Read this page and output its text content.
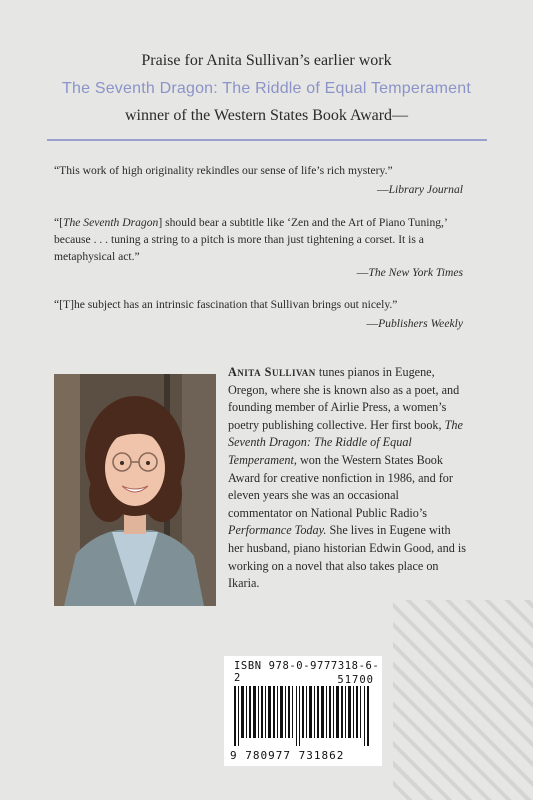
Praise for Anita Sullivan’s earlier work
The Seventh Dragon: The Riddle of Equal Temperament
winner of the Western States Book Award—
“This work of high originality rekindles our sense of life’s rich mystery.”
—Library Journal
“[The Seventh Dragon] should bear a subtitle like ‘Zen and the Art of Piano Tuning,’ because . . . tuning a string to a pitch is more than just tightening a corset. It is a metaphysical act.”
—The New York Times
“[T]he subject has an intrinsic fascination that Sullivan brings out nicely.”
—Publishers Weekly
Anita Sullivan tunes pianos in Eugene, Oregon, where she is known also as a poet, and founding member of Airlie Press, a women’s poetry publishing collective. Her first book, The Seventh Dragon: The Riddle of Equal Temperament, won the Western States Book Award for creative nonfiction in 1986, and for eleven years she was an occasional commentator on National Public Radio’s Performance Today. She lives in Eugene with her husband, piano historian Edwin Good, and is working on a novel that also takes place on Ikaria.
ISBN 978-0-9777318-6-2	51700
9 780977 731862
